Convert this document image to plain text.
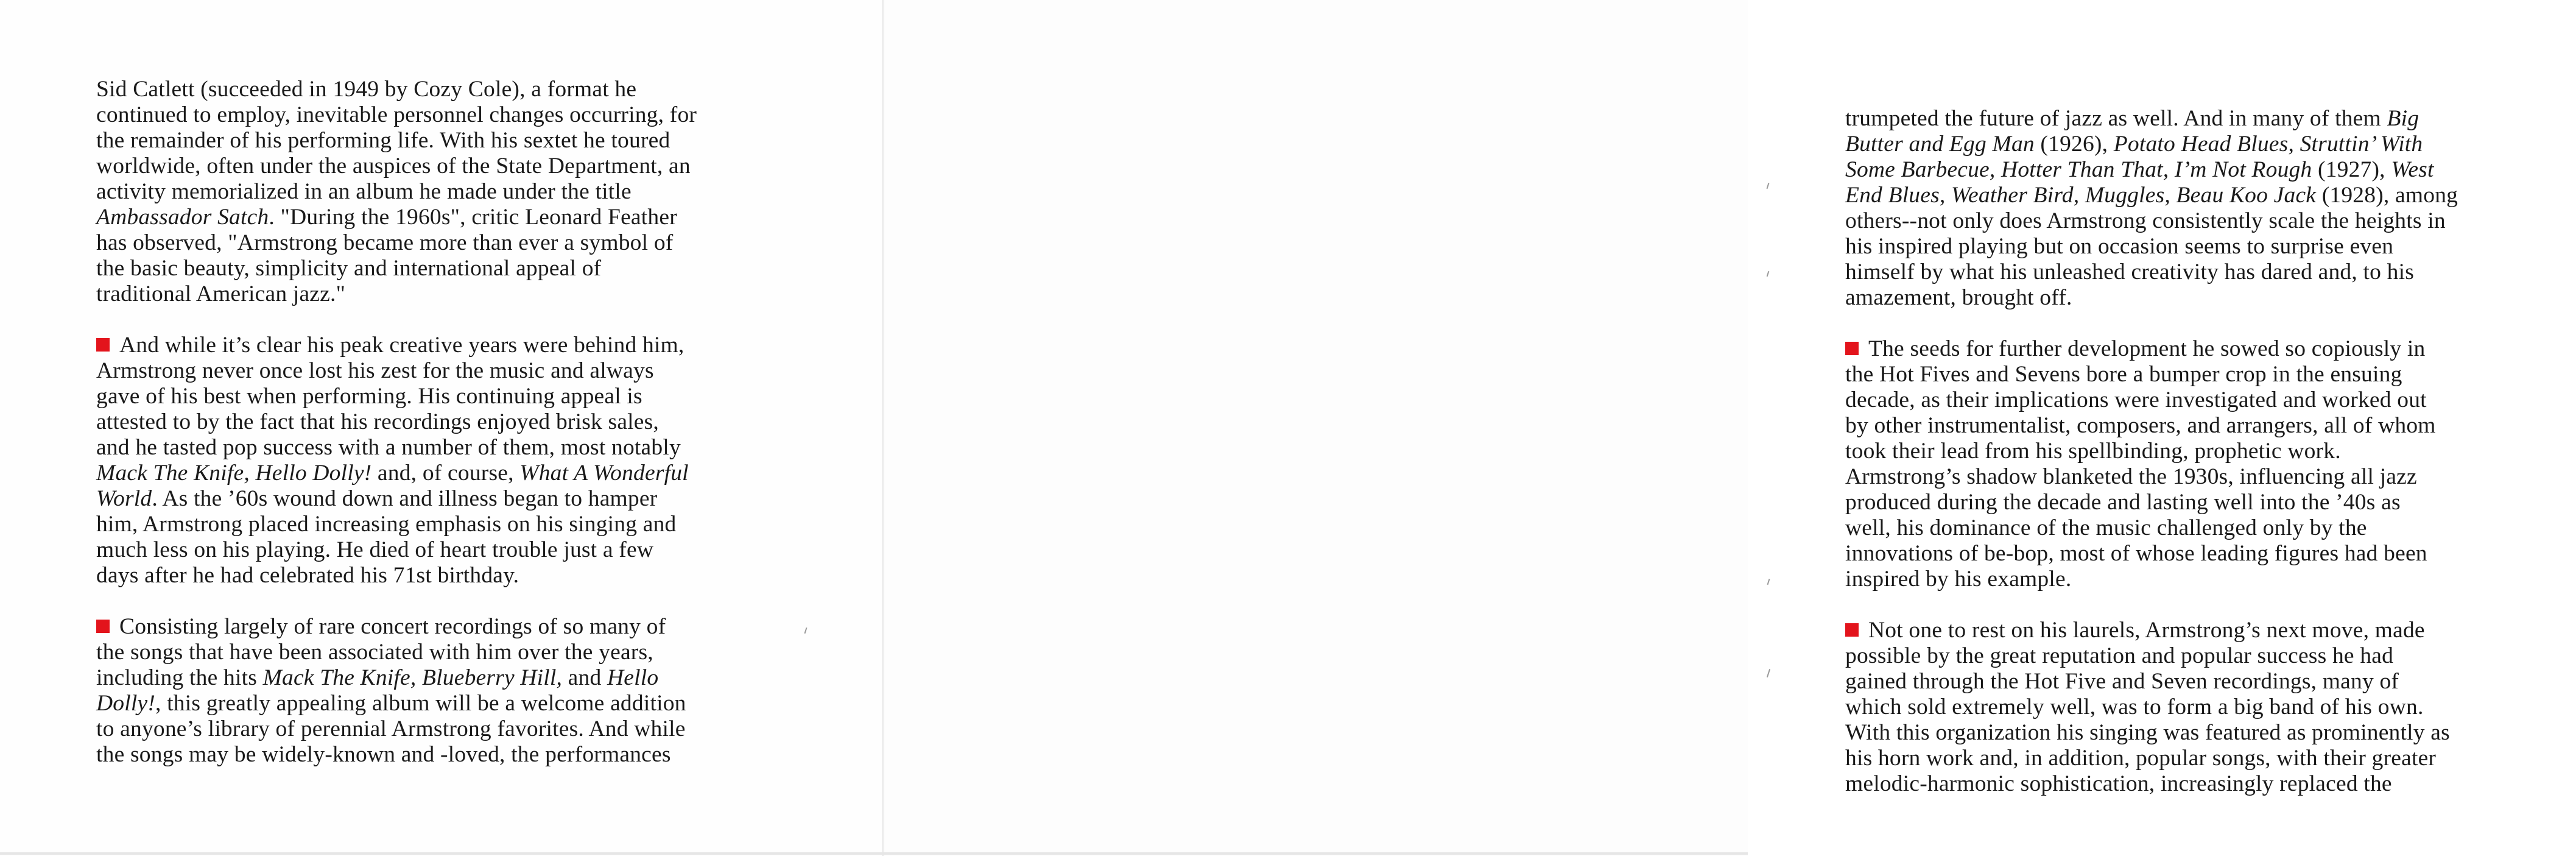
Sid Catlett (succeeded in 1949 by Cozy Cole), a format he
continued to employ, inevitable personnel changes occurring, for
the remainder of his performing life. With his sextet he toured
worldwide, often under the auspices of the State Department, an
activity memorialized in an album he made under the title
Ambassador Satch. "During the 1960s", critic Leonard Feather
has observed, "Armstrong became more than ever a symbol of
the basic beauty, simplicity and international appeal of
traditional American jazz."
And while it’s clear his peak creative years were behind him,
Armstrong never once lost his zest for the music and always
gave of his best when performing. His continuing appeal is
attested to by the fact that his recordings enjoyed brisk sales,
and he tasted pop success with a number of them, most notably
Mack The Knife, Hello Dolly! and, of course, What A Wonderful
World. As the ’60s wound down and illness began to hamper
him, Armstrong placed increasing emphasis on his singing and
much less on his playing. He died of heart trouble just a few
days after he had celebrated his 71st birthday.
Consisting largely of rare concert recordings of so many of
the songs that have been associated with him over the years,
including the hits Mack The Knife, Blueberry Hill, and Hello
Dolly!, this greatly appealing album will be a welcome addition
to anyone’s library of perennial Armstrong favorites. And while
the songs may be widely-known and -loved, the performances
trumpeted the future of jazz as well. And in many of them Big
Butter and Egg Man (1926), Potato Head Blues, Struttin’ With
Some Barbecue, Hotter Than That, I’m Not Rough (1927), West
End Blues, Weather Bird, Muggles, Beau Koo Jack (1928), among
others--not only does Armstrong consistently scale the heights in
his inspired playing but on occasion seems to surprise even
himself by what his unleashed creativity has dared and, to his
amazement, brought off.
The seeds for further development he sowed so copiously in
the Hot Fives and Sevens bore a bumper crop in the ensuing
decade, as their implications were investigated and worked out
by other instrumentalist, composers, and arrangers, all of whom
took their lead from his spellbinding, prophetic work.
Armstrong’s shadow blanketed the 1930s, influencing all jazz
produced during the decade and lasting well into the ’40s as
well, his dominance of the music challenged only by the
innovations of be-bop, most of whose leading figures had been
inspired by his example.
Not one to rest on his laurels, Armstrong’s next move, made
possible by the great reputation and popular success he had
gained through the Hot Five and Seven recordings, many of
which sold extremely well, was to form a big band of his own.
With this organization his singing was featured as prominently as
his horn work and, in addition, popular songs, with their greater
melodic-harmonic sophistication, increasingly replaced the
